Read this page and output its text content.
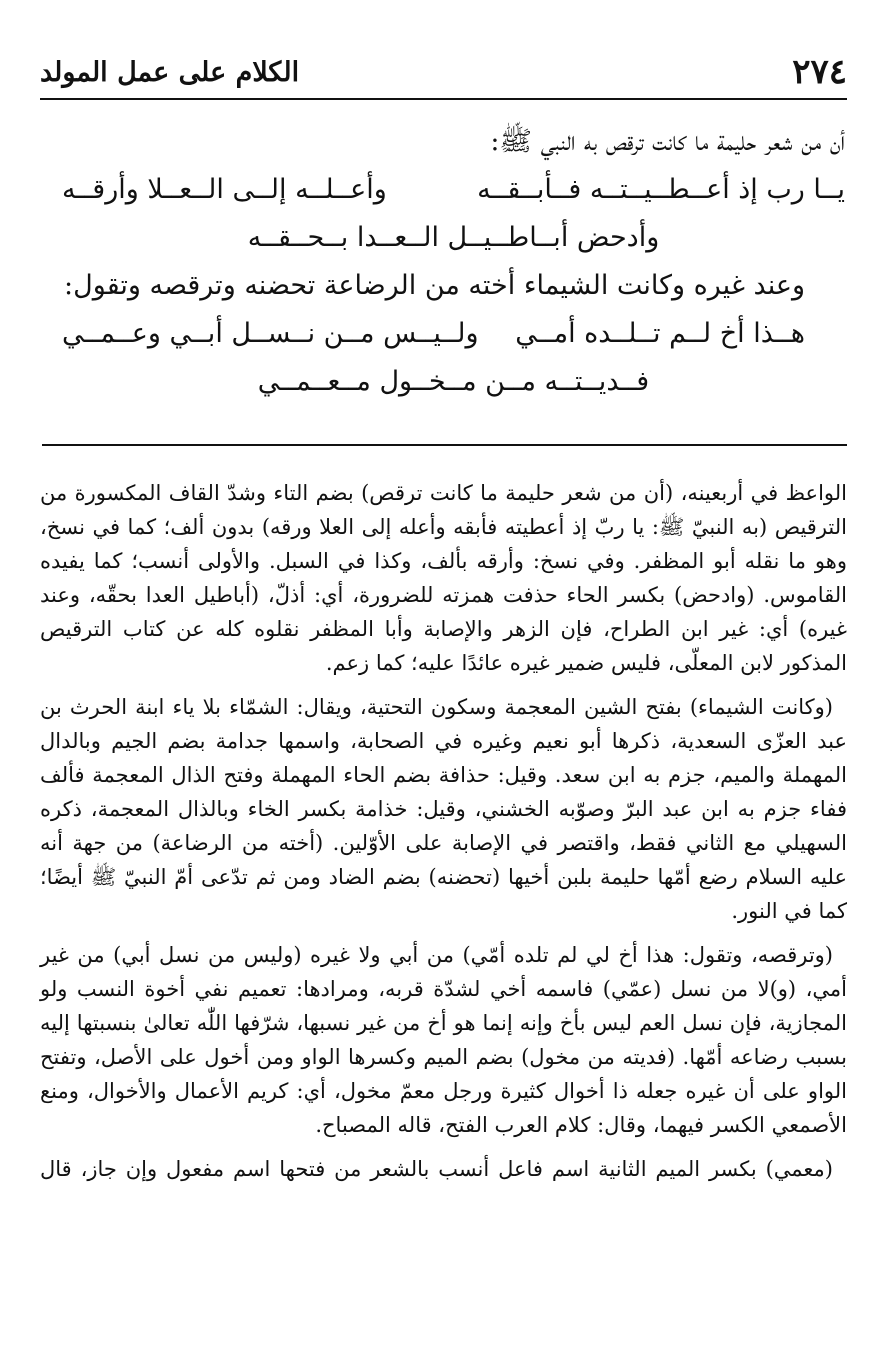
٢٧٤
الكلام على عمل المولد
أن من شعر حليمة ما كانت ترقص به النبي ﷺ:
يــا رب إذ أعــطــيــتــه فــأبــقــه
وأعــلــه إلــى الــعــلا وأرقــه
وأدحض أبــاطــيــل الــعــدا بــحــقــه
وعند غيره وكانت الشيماء أخته من الرضاعة تحضنه وترقصه وتقول:
هــذا أخ لــم تــلــده أمــي
ولــيــس مــن نــســل أبــي وعــمــي
فــديــتــه مــن مــخــول مــعــمــي

الواعظ في أربعينه، (أن من شعر حليمة ما كانت ترقص) بضم التاء وشدّ القاف المكسورة من الترقيص (به النبيّ ﷺ: يا ربّ إذ أعطيته فأبقه وأعله إلى العلا ورقه) بدون ألف؛ كما في نسخ، وهو ما نقله أبو المظفر. وفي نسخ: وأرقه بألف، وكذا في السبل. والأولى أنسب؛ كما يفيده القاموس. (وادحض) بكسر الحاء حذفت همزته للضرورة، أي: أذلّ، (أباطيل العدا بحقّه، وعند غيره) أي: غير ابن الطراح، فإن الزهر والإصابة وأبا المظفر نقلوه كله عن كتاب الترقيص المذكور لابن المعلّى، فليس ضمير غيره عائدًا عليه؛ كما زعم.

(وكانت الشيماء) بفتح الشين المعجمة وسكون التحتية، ويقال: الشمّاء بلا ياء ابنة الحرث بن عبد العزّى السعدية، ذكرها أبو نعيم وغيره في الصحابة، واسمها جدامة بضم الجيم وبالدال المهملة والميم، جزم به ابن سعد. وقيل: حذافة بضم الحاء المهملة وفتح الذال المعجمة فألف ففاء جزم به ابن عبد البرّ وصوّبه الخشني، وقيل: خذامة بكسر الخاء وبالذال المعجمة، ذكره السهيلي مع الثاني فقط، واقتصر في الإصابة على الأوّلين. (أخته من الرضاعة) من جهة أنه عليه السلام رضع أمّها حليمة بلبن أخيها (تحضنه) بضم الضاد ومن ثم تدّعى أمّ النبيّ ﷺ أيضًا؛ كما في النور.

(وترقصه، وتقول: هذا أخ لي لم تلده أمّي) من أبي ولا غيره (وليس من نسل أبي) من غير أمي، (و)لا من نسل (عمّي) فاسمه أخي لشدّة قربه، ومرادها: تعميم نفي أخوة النسب ولو المجازية، فإن نسل العم ليس بأخ وإنه إنما هو أخ من غير نسبها، شرّفها اللّٰه تعالىٰ بنسبتها إليه بسبب رضاعه أمّها. (فديته من مخول) بضم الميم وكسرها الواو ومن أخول على الأصل، وتفتح الواو على أن غيره جعله ذا أخوال كثيرة ورجل معمّ مخول، أي: كريم الأعمال والأخوال، ومنع الأصمعي الكسر فيهما، وقال: كلام العرب الفتح، قاله المصباح.

(معمي) بكسر الميم الثانية اسم فاعل أنسب بالشعر من فتحها اسم مفعول وإن جاز، قال
